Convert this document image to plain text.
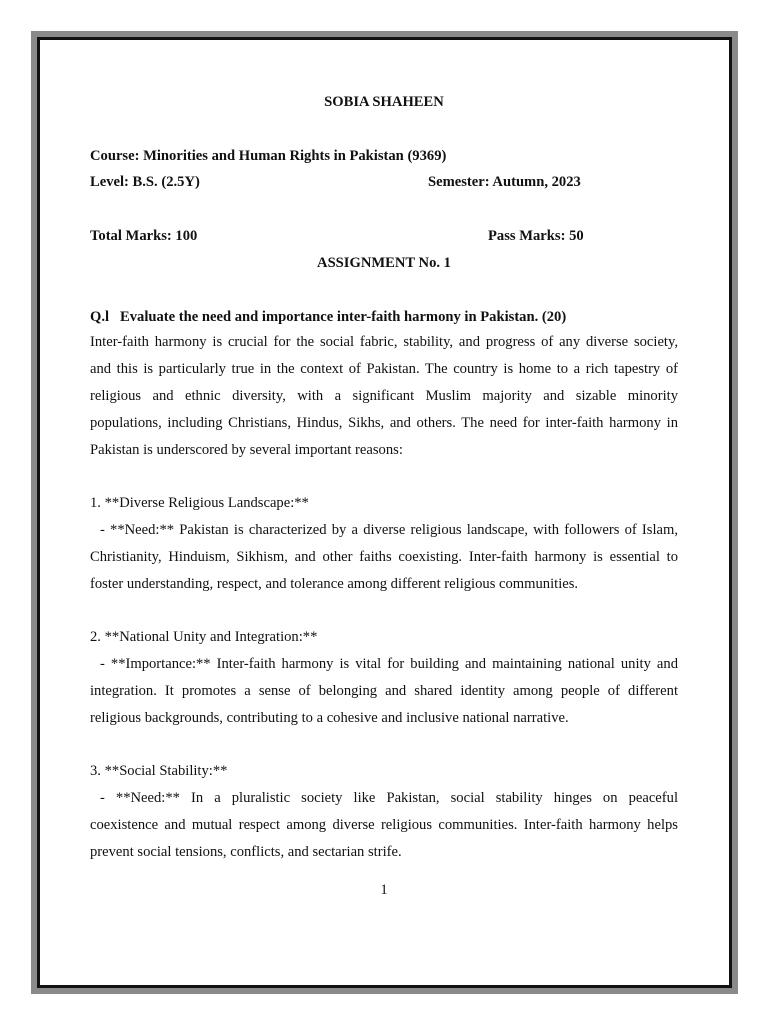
SOBIA SHAHEEN
Course: Minorities and Human Rights in Pakistan (9369)
Level: B.S. (2.5Y)	Semester: Autumn, 2023
Total Marks: 100	Pass Marks: 50
ASSIGNMENT No. 1
Q.l Evaluate the need and importance inter-faith harmony in Pakistan. (20)
Inter-faith harmony is crucial for the social fabric, stability, and progress of any diverse society,
and this is particularly true in the context of Pakistan. The country is home to a rich tapestry of
religious and ethnic diversity, with a significant Muslim majority and sizable minority
populations, including Christians, Hindus, Sikhs, and others. The need for inter-faith harmony in
Pakistan is underscored by several important reasons:
1. **Diverse Religious Landscape:**
- **Need:** Pakistan is characterized by a diverse religious landscape, with followers of Islam,
Christianity, Hinduism, Sikhism, and other faiths coexisting. Inter-faith harmony is essential to
foster understanding, respect, and tolerance among different religious communities.
2. **National Unity and Integration:**
- **Importance:** Inter-faith harmony is vital for building and maintaining national unity and
integration. It promotes a sense of belonging and shared identity among people of different
religious backgrounds, contributing to a cohesive and inclusive national narrative.
3. **Social Stability:**
- **Need:** In a pluralistic society like Pakistan, social stability hinges on peaceful
coexistence and mutual respect among diverse religious communities. Inter-faith harmony helps
prevent social tensions, conflicts, and sectarian strife.
1
